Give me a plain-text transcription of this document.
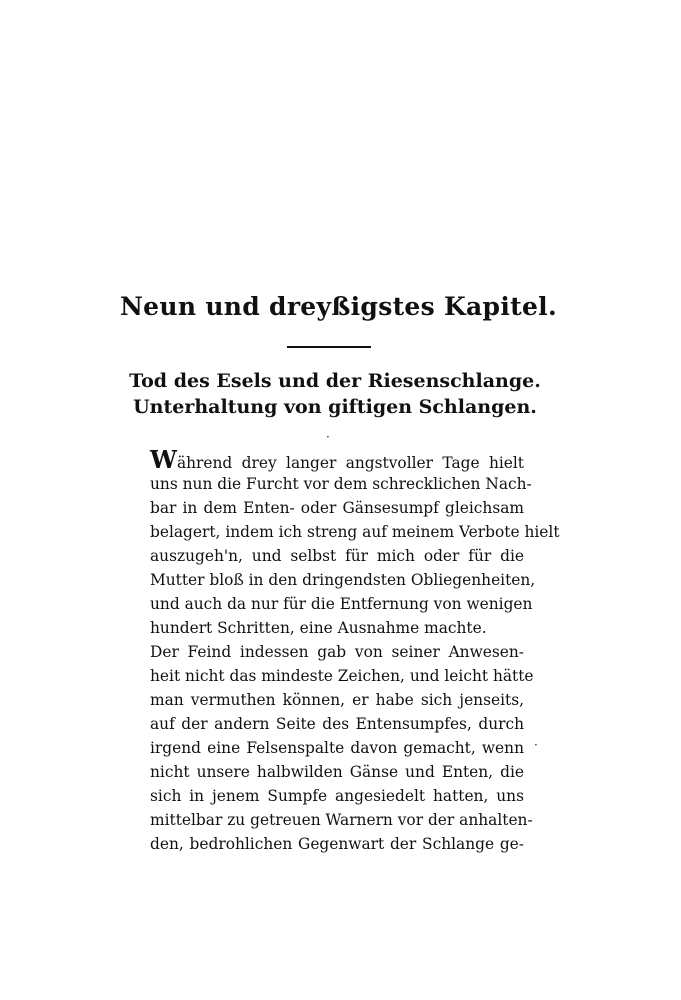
Neun und dreyßigstes Kapitel.

Tod des Esels und der Riesenschlange.

Unterhaltung von giftigen Schlangen.

·
·
Während drey langer angstvoller Tage hielt
uns nun die Furcht vor dem schrecklichen Nach-
bar in dem Enten- oder Gänsesumpf gleichsam
belagert, indem ich streng auf meinem Verbote hielt
auszugeh'n, und selbst für mich oder für die
Mutter bloß in den dringendsten Obliegenheiten,
und auch da nur für die Entfernung von wenigen
hundert Schritten, eine Ausnahme machte.
Der Feind indessen gab von seiner Anwesen-
heit nicht das mindeste Zeichen, und leicht hätte
man vermuthen können, er habe sich jenseits,
auf der andern Seite des Entensumpfes, durch
irgend eine Felsenspalte davon gemacht, wenn
nicht unsere halbwilden Gänse und Enten, die
sich in jenem Sumpfe angesiedelt hatten, uns
mittelbar zu getreuen Warnern vor der anhalten-
den, bedrohlichen Gegenwart der Schlange ge-
